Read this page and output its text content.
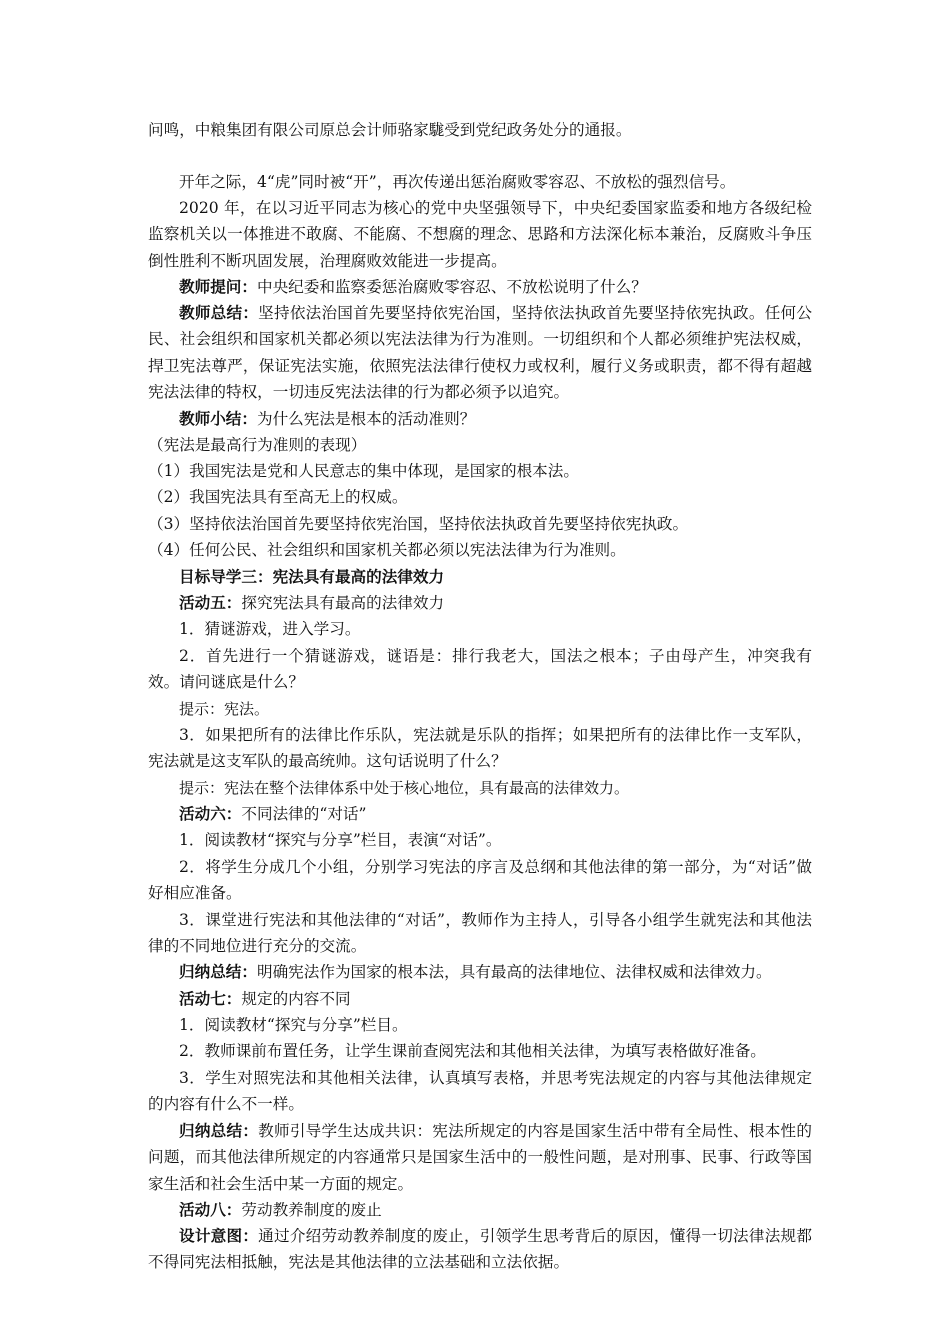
问鸣，中粮集团有限公司原总会计师骆家駹受到党纪政务处分的通报。

开年之际，4“虎”同时被“开”，再次传递出惩治腐败零容忍、不放松的强烈信号。

2020 年，在以习近平同志为核心的党中央坚强领导下，中央纪委国家监委和地方各级纪检监察机关以一体推进不敢腐、不能腐、不想腐的理念、思路和方法深化标本兼治，反腐败斗争压倒性胜利不断巩固发展，治理腐败效能进一步提高。

教师提问：中央纪委和监察委惩治腐败零容忍、不放松说明了什么？

教师总结：坚持依法治国首先要坚持依宪治国，坚持依法执政首先要坚持依宪执政。任何公民、社会组织和国家机关都必须以宪法法律为行为准则。一切组织和个人都必须维护宪法权威，捍卫宪法尊严，保证宪法实施，依照宪法法律行使权力或权利，履行义务或职责，都不得有超越宪法法律的特权，一切违反宪法法律的行为都必须予以追究。

教师小结：为什么宪法是根本的活动准则？

（宪法是最高行为准则的表现）

（1）我国宪法是党和人民意志的集中体现，是国家的根本法。

（2）我国宪法具有至高无上的权威。

（3）坚持依法治国首先要坚持依宪治国，坚持依法执政首先要坚持依宪执政。

（4）任何公民、社会组织和国家机关都必须以宪法法律为行为准则。

目标导学三：宪法具有最高的法律效力

活动五：探究宪法具有最高的法律效力

1．猜谜游戏，进入学习。

2．首先进行一个猜谜游戏，谜语是：排行我老大，国法之根本；子由母产生，冲突我有效。请问谜底是什么？

提示：宪法。

3．如果把所有的法律比作乐队，宪法就是乐队的指挥；如果把所有的法律比作一支军队，宪法就是这支军队的最高统帅。这句话说明了什么？

提示：宪法在整个法律体系中处于核心地位，具有最高的法律效力。

活动六：不同法律的“对话”

1．阅读教材“探究与分享”栏目，表演“对话”。

2．将学生分成几个小组，分别学习宪法的序言及总纲和其他法律的第一部分，为“对话”做好相应准备。

3．课堂进行宪法和其他法律的“对话”，教师作为主持人，引导各小组学生就宪法和其他法律的不同地位进行充分的交流。

归纳总结：明确宪法作为国家的根本法，具有最高的法律地位、法律权威和法律效力。

活动七：规定的内容不同

1．阅读教材“探究与分享”栏目。

2．教师课前布置任务，让学生课前查阅宪法和其他相关法律，为填写表格做好准备。

3．学生对照宪法和其他相关法律，认真填写表格，并思考宪法规定的内容与其他法律规定的内容有什么不一样。

归纳总结：教师引导学生达成共识：宪法所规定的内容是国家生活中带有全局性、根本性的问题，而其他法律所规定的内容通常只是国家生活中的一般性问题，是对刑事、民事、行政等国家生活和社会生活中某一方面的规定。

活动八：劳动教养制度的废止

设计意图：通过介绍劳动教养制度的废止，引领学生思考背后的原因，懂得一切法律法规都不得同宪法相抵触，宪法是其他法律的立法基础和立法依据。
